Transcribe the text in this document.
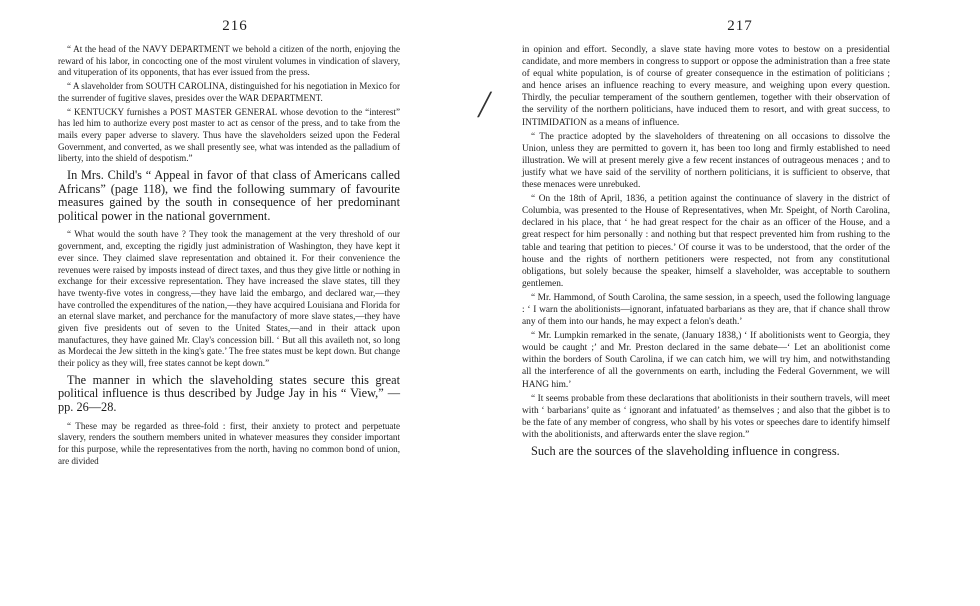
216

“ At the head of the NAVY DEPARTMENT we behold a citizen of the north, enjoying the reward of his labor, in concocting one of the most virulent volumes in vindication of slavery, and vituperation of its opponents, that has ever issued from the press.

“ A slaveholder from SOUTH CAROLINA, distinguished for his negotiation in Mexico for the surrender of fugitive slaves, presides over the WAR DEPARTMENT.

“ KENTUCKY furnishes a POST MASTER GENERAL whose devotion to the “interest” has led him to authorize every post master to act as censor of the press, and to take from the mails every paper adverse to slavery. Thus have the slaveholders seized upon the Federal Government, and converted, as we shall presently see, what was intended as the palladium of liberty, into the shield of despotism.”

In Mrs. Child's “ Appeal in favor of that class of Americans called Africans” (page 118), we find the following summary of favourite measures gained by the south in consequence of her predominant political power in the national government.

“ What would the south have ? They took the management at the very threshold of our government, and, excepting the rigidly just administration of Washington, they have kept it ever since. They claimed slave representation and obtained it. For their convenience the revenues were raised by imposts instead of direct taxes, and thus they give little or nothing in exchange for their excessive representation. They have increased the slave states, till they have twenty-five votes in congress,—they have laid the embargo, and declared war,—they have controlled the expenditures of the nation,—they have acquired Louisiana and Florida for an eternal slave market, and perchance for the manufactory of more slave states,—they have given five presidents out of seven to the United States,—and in their attack upon manufactures, they have gained Mr. Clay's concession bill. ‘ But all this availeth not, so long as Mordecai the Jew sitteth in the king's gate.’ The free states must be kept down. But change their policy as they will, free states cannot be kept down.”

The manner in which the slaveholding states secure this great political influence is thus described by Judge Jay in his “ View,” —pp. 26—28.

“ These may be regarded as three-fold : first, their anxiety to protect and perpetuate slavery, renders the southern members united in whatever measures they consider important for this purpose, while the representatives from the north, having no common bond of union, are divided

╱
217

in opinion and effort. Secondly, a slave state having more votes to bestow on a presidential candidate, and more members in congress to support or oppose the administration than a free state of equal white population, is of course of greater consequence in the estimation of politicians ; and hence arises an influence reaching to every measure, and weighing upon every question. Thirdly, the peculiar temperament of the southern gentlemen, together with their observation of the servility of the northern politicians, have induced them to resort, and with great success, to INTIMIDATION as a means of influence.

“ The practice adopted by the slaveholders of threatening on all occasions to dissolve the Union, unless they are permitted to govern it, has been too long and firmly established to need illustration. We will at present merely give a few recent instances of outrageous menaces ; and to justify what we have said of the servility of northern politicians, it is sufficient to observe, that these menaces were unrebuked.

“ On the 18th of April, 1836, a petition against the continuance of slavery in the district of Columbia, was presented to the House of Representatives, when Mr. Speight, of North Carolina, declared in his place, that ‘ he had great respect for the chair as an officer of the House, and a great respect for him personally : and nothing but that respect prevented him from rushing to the table and tearing that petition to pieces.’ Of course it was to be understood, that the order of the house and the rights of northern petitioners were respected, not from any constitutional obligations, but solely because the speaker, himself a slaveholder, was acceptable to southern gentlemen.

“ Mr. Hammond, of South Carolina, the same session, in a speech, used the following language : ‘ I warn the abolitionists—ignorant, infatuated barbarians as they are, that if chance shall throw any of them into our hands, he may expect a felon's death.’

“ Mr. Lumpkin remarked in the senate, (January 1838,) ‘ If abolitionists went to Georgia, they would be caught ;’ and Mr. Preston declared in the same debate—‘ Let an abolitionist come within the borders of South Carolina, if we can catch him, we will try him, and notwithstanding all the interference of all the governments on earth, including the Federal Government, we will HANG him.’

“ It seems probable from these declarations that abolitionists in their southern travels, will meet with ‘ barbarians’ quite as ‘ ignorant and infatuated’ as themselves ; and also that the gibbet is to be the fate of any member of congress, who shall by his votes or speeches dare to identify himself with the abolitionists, and afterwards enter the slave region.”

Such are the sources of the slaveholding influence in congress.
